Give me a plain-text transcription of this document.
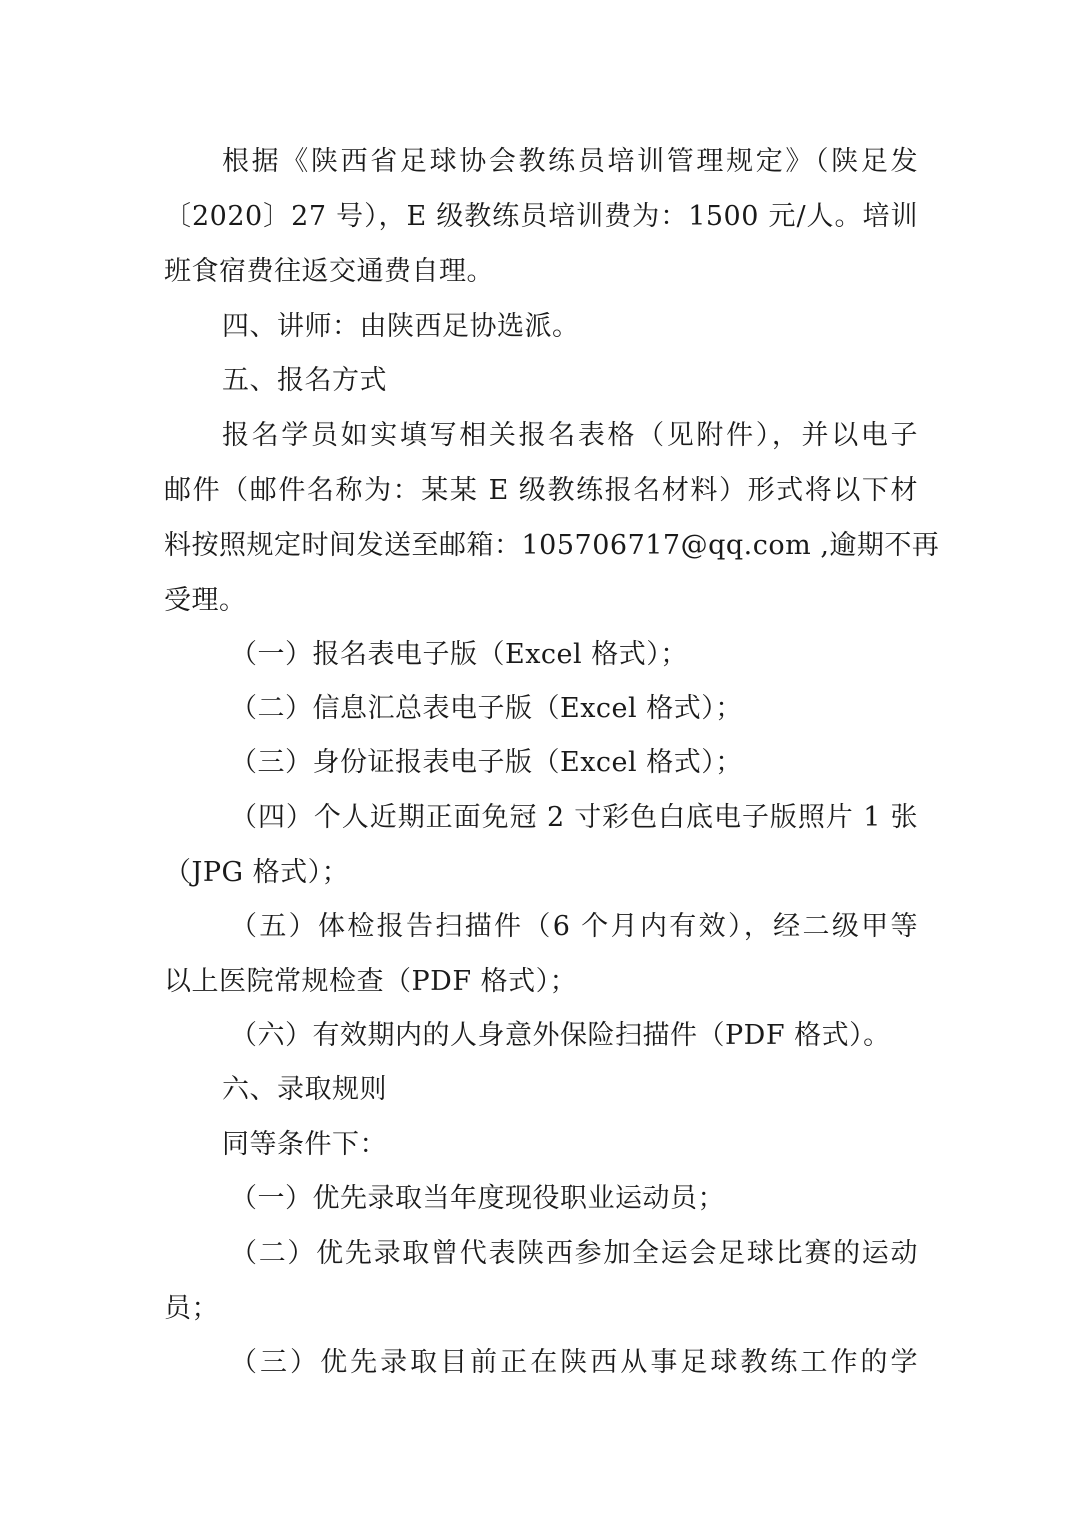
根据《陕西省足球协会教练员培训管理规定》（陕足发
〔2020〕27 号），E 级教练员培训费为：1500 元/人。培训
班食宿费往返交通费自理。
四、讲师：由陕西足协选派。
五、报名方式
报名学员如实填写相关报名表格（见附件），并以电子
邮件（邮件名称为：某某 E 级教练报名材料）形式将以下材
料按照规定时间发送至邮箱：105706717@qq.com ,逾期不再
受理。
（一）报名表电子版（Excel 格式）；
（二）信息汇总表电子版（Excel 格式）；
（三）身份证报表电子版（Excel 格式）；
（四）个人近期正面免冠 2 寸彩色白底电子版照片 1 张
（JPG 格式）；
（五）体检报告扫描件（6 个月内有效），经二级甲等
以上医院常规检查（PDF 格式）；
（六）有效期内的人身意外保险扫描件（PDF 格式）。
六、录取规则
同等条件下：
（一）优先录取当年度现役职业运动员；
（二）优先录取曾代表陕西参加全运会足球比赛的运动
员；
（三）优先录取目前正在陕西从事足球教练工作的学
